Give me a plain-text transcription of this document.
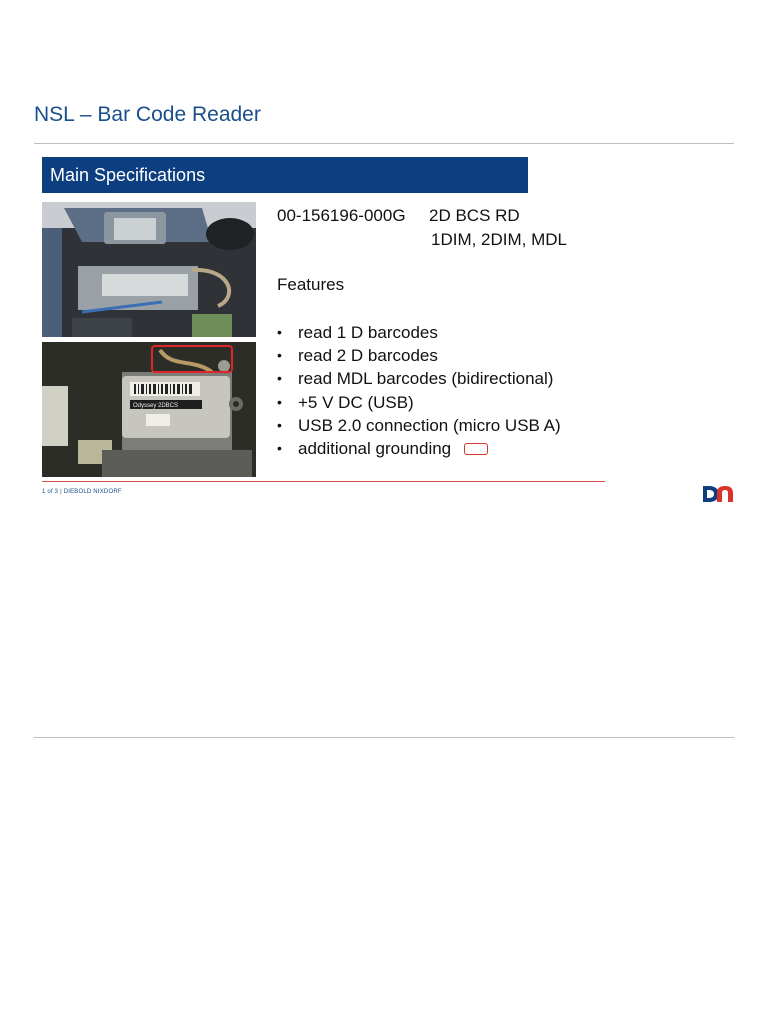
NSL – Bar Code Reader
Main Specifications
Odyssey 2DBCS
00-156196-000G 2D BCS RD
1DIM, 2DIM, MDL
Features
• read 1 D barcodes
• read 2 D barcodes
• read MDL barcodes (bidirectional)
• +5 V DC (USB)
• USB 2.0 connection (micro USB A)
• additional grounding
1 of 3 | DIEBOLD NIXDORF
